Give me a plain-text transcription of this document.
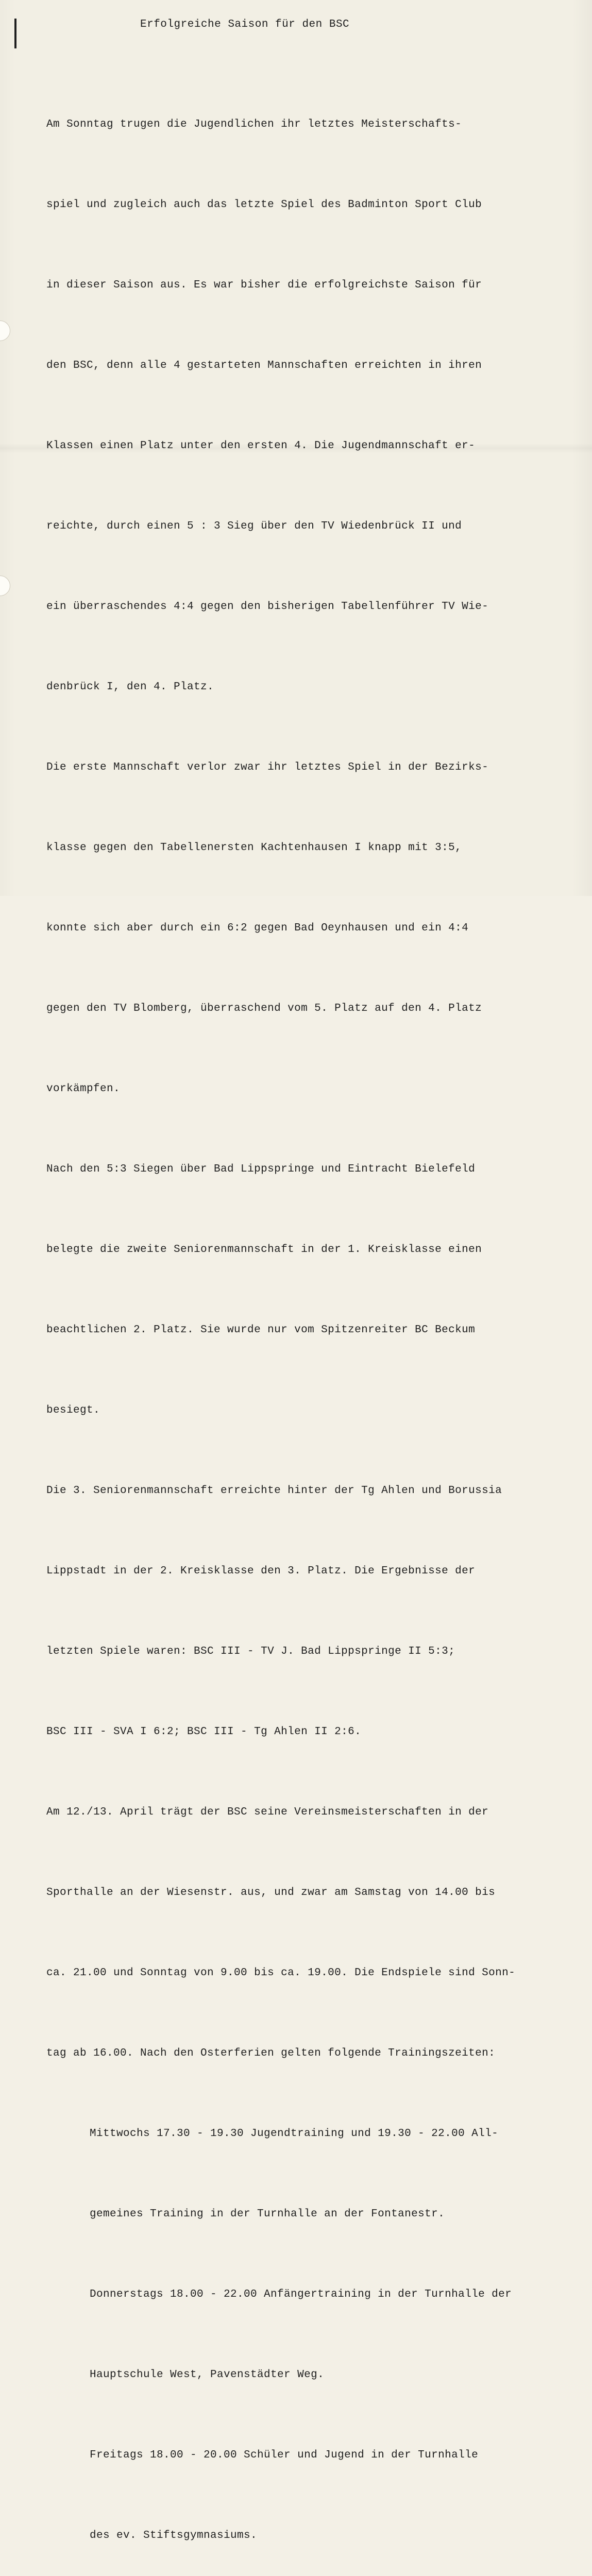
Erfolgreiche Saison für den BSC

Am Sonntag trugen die Jugendlichen ihr letztes Meisterschafts-

spiel und zugleich auch das letzte Spiel des Badminton Sport Club

in dieser Saison aus. Es war bisher die erfolgreichste Saison für

den BSC, denn alle 4 gestarteten Mannschaften erreichten in ihren

Klassen einen Platz unter den ersten 4. Die Jugendmannschaft er-

reichte, durch einen 5 : 3 Sieg über den TV Wiedenbrück II und

ein überraschendes 4:4 gegen den bisherigen Tabellenführer TV Wie-

denbrück I, den 4. Platz.

Die erste Mannschaft verlor zwar ihr letztes Spiel in der Bezirks-

klasse gegen den Tabellenersten Kachtenhausen I knapp mit 3:5,

konnte sich aber durch ein 6:2 gegen Bad Oeynhausen und ein 4:4

gegen den TV Blomberg, überraschend vom 5. Platz auf den 4. Platz

vorkämpfen.

Nach den 5:3 Siegen über Bad Lippspringe und Eintracht Bielefeld

belegte die zweite Seniorenmannschaft in der 1. Kreisklasse einen

beachtlichen 2. Platz. Sie wurde nur vom Spitzenreiter BC Beckum

besiegt.

Die 3. Seniorenmannschaft erreichte hinter der Tg Ahlen und Borussia

Lippstadt in der 2. Kreisklasse den 3. Platz. Die Ergebnisse der

letzten Spiele waren: BSC III - TV J. Bad Lippspringe II 5:3;

BSC III - SVA I 6:2; BSC III - Tg Ahlen II 2:6.

Am 12./13. April trägt der BSC seine Vereinsmeisterschaften in der

Sporthalle an der Wiesenstr. aus, und zwar am Samstag von 14.00 bis

ca. 21.00 und Sonntag von 9.00 bis ca. 19.00. Die Endspiele sind Sonn-

tag ab 16.00. Nach den Osterferien gelten folgende Trainingszeiten:

Mittwochs 17.30 - 19.30 Jugendtraining und 19.30 - 22.00 All-

gemeines Training in der Turnhalle an der Fontanestr.

Donnerstags 18.00 - 22.00 Anfängertraining in der Turnhalle der

Hauptschule West, Pavenstädter Weg.

Freitags 18.00 - 20.00 Schüler und Jugend in der Turnhalle

des ev. Stiftsgymnasiums.
